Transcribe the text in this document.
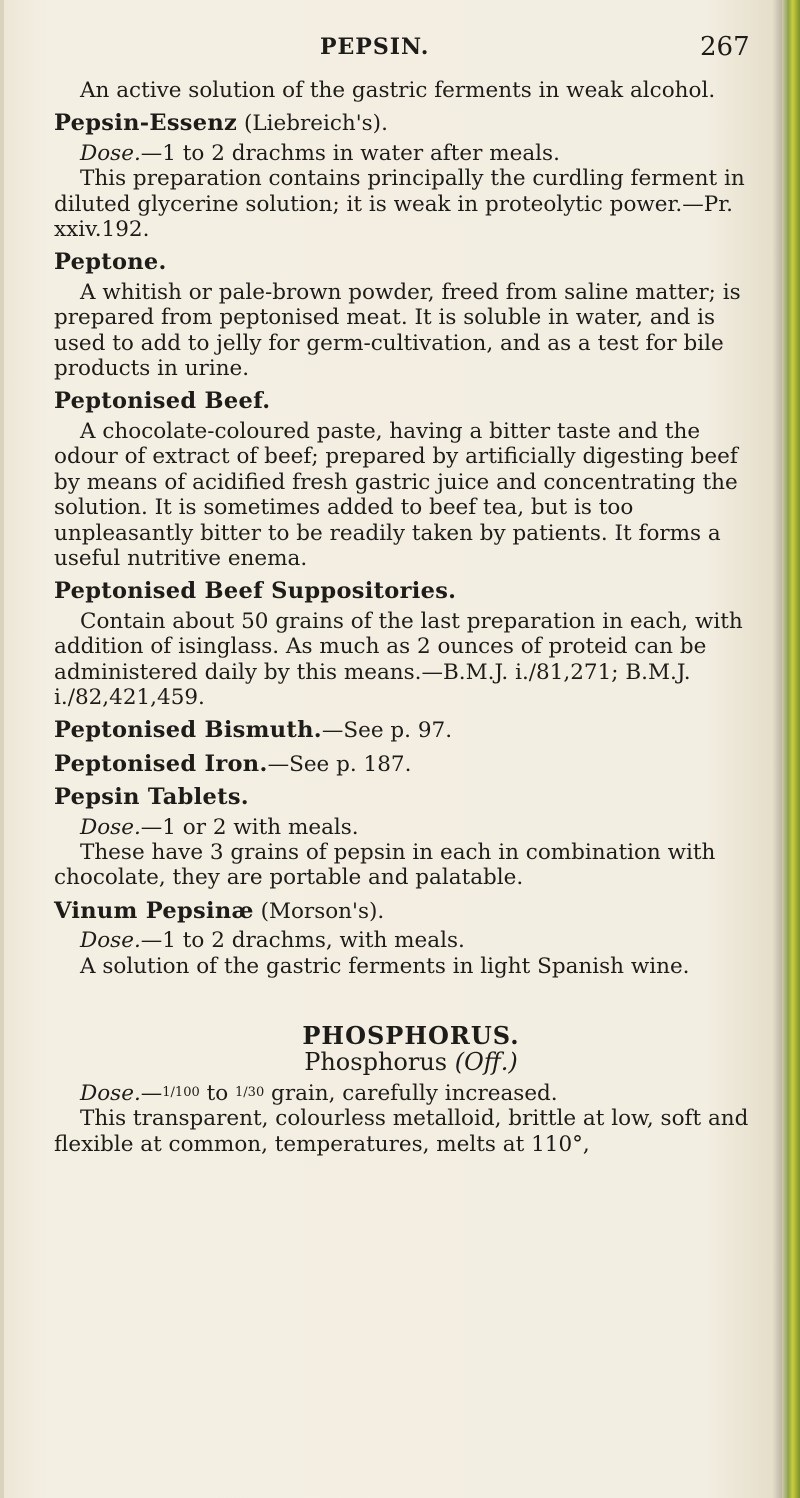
PEPSIN.	267

An active solution of the gastric ferments in weak alcohol.

Pepsin-Essenz (Liebreich's).

Dose.—1 to 2 drachms in water after meals.

This preparation contains principally the curdling ferment in diluted glycerine solution; it is weak in proteolytic power.—Pr. xxiv.192.

Peptone.

A whitish or pale-brown powder, freed from saline matter; is prepared from peptonised meat. It is soluble in water, and is used to add to jelly for germ-cultivation, and as a test for bile products in urine.

Peptonised Beef.

A chocolate-coloured paste, having a bitter taste and the odour of extract of beef; prepared by artificially digesting beef by means of acidified fresh gastric juice and concentrating the solution. It is sometimes added to beef tea, but is too unpleasantly bitter to be readily taken by patients. It forms a useful nutritive enema.

Peptonised Beef Suppositories.

Contain about 50 grains of the last preparation in each, with addition of isinglass. As much as 2 ounces of proteid can be administered daily by this means.—B.M.J. i./81,271; B.M.J. i./82,421,459.

Peptonised Bismuth.—See p. 97.

Peptonised Iron.—See p. 187.

Pepsin Tablets.

Dose.—1 or 2 with meals.

These have 3 grains of pepsin in each in combination with chocolate, they are portable and palatable.

Vinum Pepsinæ (Morson's).

Dose.—1 to 2 drachms, with meals.

A solution of the gastric ferments in light Spanish wine.

PHOSPHORUS.

Phosphorus (Off.)

Dose.—1/100 to 1/30 grain, carefully increased.

This transparent, colourless metalloid, brittle at low, soft and flexible at common, temperatures, melts at 110°,
